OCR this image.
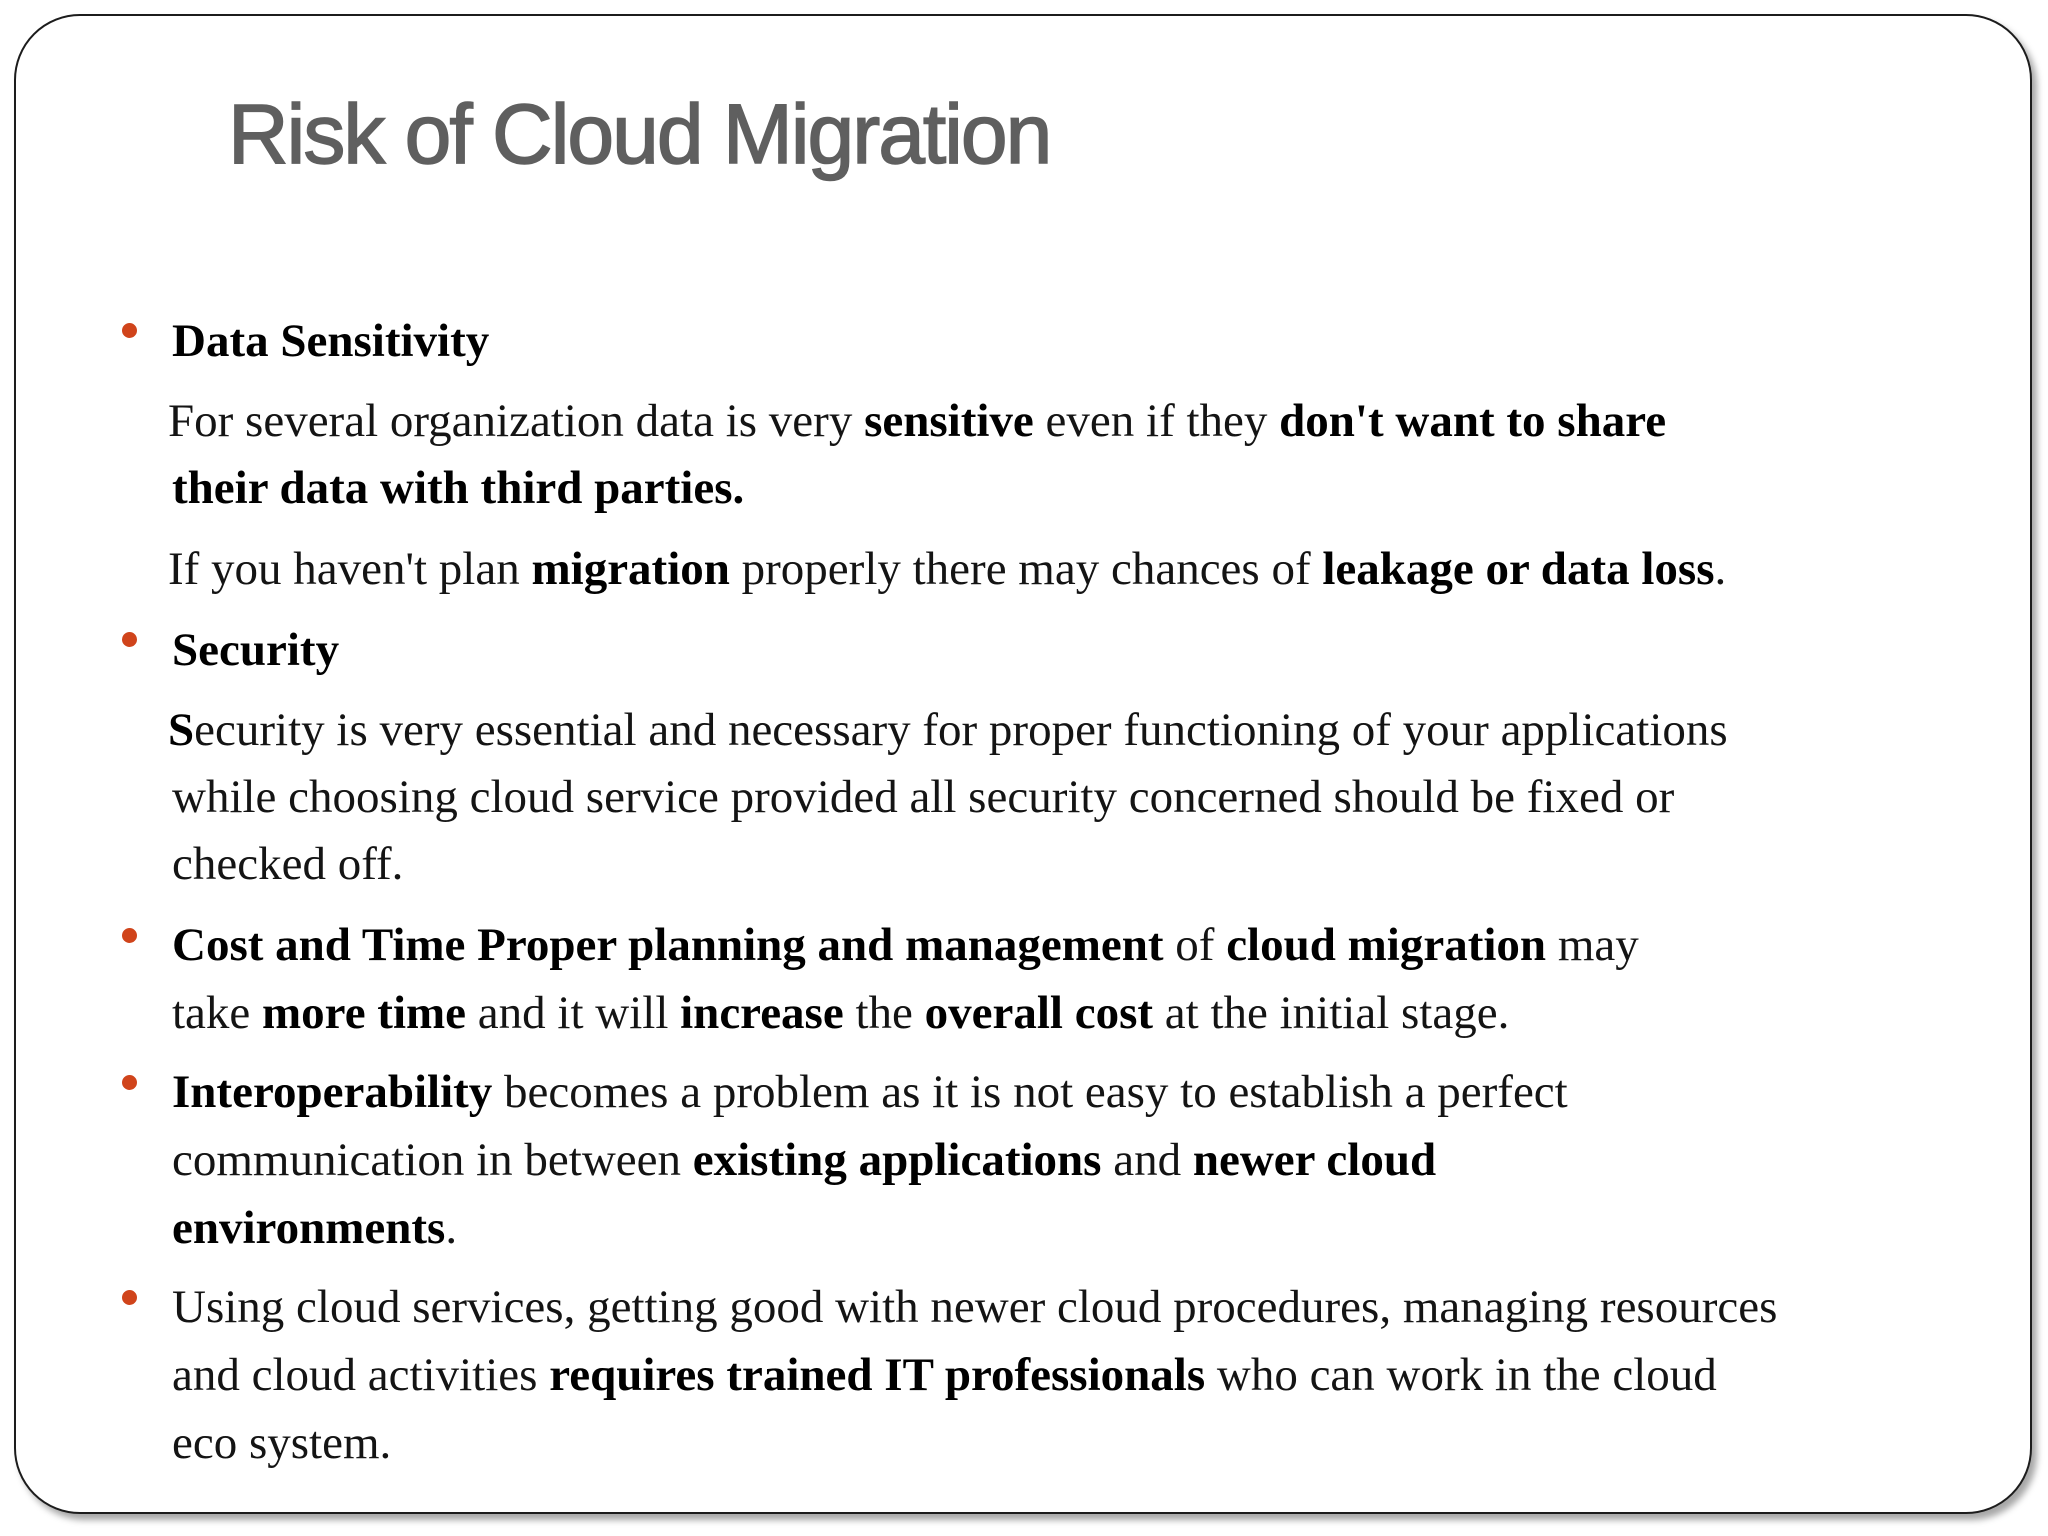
Risk of Cloud Migration
Data Sensitivity
For several organization data is very sensitive even if they don't want to share
their data with third parties.
If you haven't plan migration properly there may chances of leakage or data loss.
Security
Security is very essential and necessary for proper functioning of your applications
while choosing cloud service provided all security concerned should be fixed or
checked off.
Cost and Time Proper planning and management of cloud migration may
take more time and it will increase the overall cost at the initial stage.
Interoperability becomes a problem as it is not easy to establish a perfect
communication in between existing applications and newer cloud
environments.
Using cloud services, getting good with newer cloud procedures, managing resources
and cloud activities requires trained IT professionals who can work in the cloud
eco system.
